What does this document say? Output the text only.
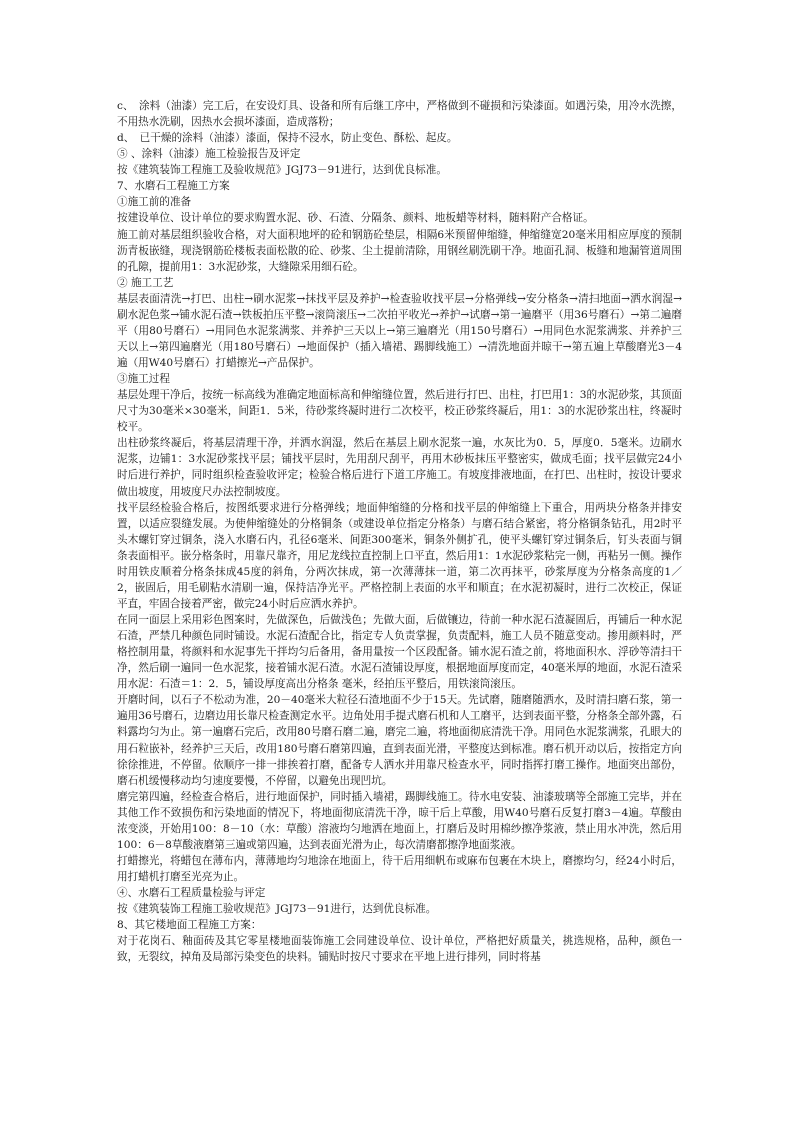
c、　涂料（油漆）完工后，在安设灯具、设备和所有后继工序中，严格做到不碰损和污染漆面。如遇污染，用冷水洗擦，不用热水洗刷，因热水会损坏漆面，造成落粉；

d、　已干燥的涂料（油漆）漆面，保持不浸水，防止变色、酥松、起皮。

⑤ 、涂料（油漆）施工检验报告及评定

按《建筑装饰工程施工及验收规范》JGJ73－91进行，达到优良标准。

7、水磨石工程施工方案

①施工前的准备

按建设单位、设计单位的要求购置水泥、砂、石渣、分隔条、颜料、地板蜡等材料，随料附产合格证。

施工前对基层组织验收合格，对大面积地坪的砼和钢筋砼垫层，相隔6米预留伸缩缝，伸缩缝宽20毫米用相应厚度的预制沥青板嵌缝，现浇钢筋砼楼板表面松散的砼、砂浆、尘土提前清除，用钢丝刷洗刷干净。地面孔洞、板缝和地漏管道周围的孔隙，提前用1：3水泥砂浆，大缝隙采用细石砼。

② 施工工艺

基层表面清洗→打巴、出柱→刷水泥浆→抹找平层及养护→检查验收找平层→分格弹线→安分格条→清扫地面→洒水润湿→刷水泥色浆→铺水泥石渣→铁板拍压平整→滚筒滚压→二次拍平收光→养护→试磨→第一遍磨平（用36号磨石）→第二遍磨平（用80号磨石）→用同色水泥浆满浆、并养护三天以上→第三遍磨光（用150号磨石）→用同色水泥浆满浆、并养护三天以上→第四遍磨光（用180号磨石）→地面保护（插入墙裙、踢脚线施工）→清洗地面并晾干→第五遍上草酸磨光3－4遍（用W40号磨石）打蜡擦光→产品保护。

③施工过程

基层处理干净后，按统一标高线为准确定地面标高和伸缩缝位置，然后进行打巴、出柱，打巴用1：3的水泥砂浆，其顶面尺寸为30毫米×30毫米，间距1．5米，待砂浆终凝时进行二次校平，校正砂浆终凝后，用1：3的水泥砂浆出柱，终凝时校平。

出柱砂浆终凝后，将基层清理干净，并洒水润湿，然后在基层上刷水泥浆一遍，水灰比为0．5，厚度0．5毫米。边刷水泥浆，边铺1：3水泥砂浆找平层；铺找平层时，先用刮尺刮平，再用木砂板抹压平整密实，做成毛面；找平层做完24小时后进行养护，同时组织检查验收评定；检验合格后进行下道工序施工。有坡度排液地面，在打巴、出柱时，按设计要求做出坡度，用坡度尺办法控制坡度。

找平层经检验合格后，按图纸要求进行分格弹线；地面伸缩缝的分格和找平层的伸缩缝上下重合，用两块分格条并排安置，以适应裂缝发展。为使伸缩缝处的分格铜条（或建设单位指定分格条）与磨石结合紧密，将分格铜条钻孔，用2时平头木螺钉穿过铜条，浇入水磨石内，孔径6毫米、间距300毫米，铜条外侧扩孔，使平头螺钉穿过铜条后，钉头表面与铜条表面相平。嵌分格条时，用靠尺靠齐，用尼龙线拉直控制上口平直，然后用1：1水泥砂浆粘完一侧，再粘另一侧。操作时用铁皮顺着分格条抹成45度的斜角，分两次抹成，第一次薄薄抹一道，第二次再抹平，砂浆厚度为分格条高度的1／2，嵌固后，用毛刷粘水清刷一遍，保持洁净光平。严格控制上表面的水平和顺直；在水泥初凝时，进行二次校正，保证平直，牢固合接着严密，做完24小时后应洒水养护。

在同一面层上采用彩色图案时，先做深色，后做浅色；先做大面，后做镶边，待前一种水泥石渣凝固后，再铺后一种水泥石渣，严禁几种颜色同时铺设。水泥石渣配合比，指定专人负责掌握，负责配料，施工人员不随意变动。掺用颜料时，严格控制用量，将颜料和水泥事先干拌均匀后备用，备用量按一个区段配备。铺水泥石渣之前，将地面积水、浮砂等清扫干净，然后刷一遍同一色水泥浆，接着铺水泥石渣。水泥石渣铺设厚度，根据地面厚度而定，40毫米厚的地面，水泥石渣采用水泥：石渣＝1：2．5，铺设厚度高出分格条 毫米，经拍压平整后，用铁滚筒滚压。

开磨时间，以石子不松动为准，20－40毫米大粒径石渣地面不少于15天。先试磨，随磨随洒水，及时清扫磨石浆，第一遍用36号磨石，边磨边用长靠尺检查测定水平。边角处用手提式磨石机和人工磨平，达到表面平整，分格条全部外露，石料露均匀为止。第一遍磨石完后，改用80号磨石磨二遍，磨完二遍，将地面彻底清洗干净。用同色水泥浆满浆，孔眼大的用石粒嵌补，经养护三天后，改用180号磨石磨第四遍，直到表面光滑，平整度达到标准。磨石机开动以后，按指定方向徐徐推进，不停留。依顺序一排一排挨着打磨，配备专人洒水并用靠尺检查水平，同时指挥打磨工操作。地面突出部份，磨石机缓慢移动均匀速度要慢，不停留，以避免出现凹坑。

磨完第四遍，经检查合格后，进行地面保护，同时插入墙裙，踢脚线施工。待水电安装、油漆玻璃等全部施工完毕，并在其他工作不致损伤和污染地面的情况下，将地面彻底清洗干净，晾干后上草酸，用W40号磨石反复打磨3－4遍。草酸由浓变淡，开始用100：8－10（水：草酸）溶液均匀地洒在地面上，打磨后及时用棉纱擦净浆液，禁止用水冲洗，然后用100：6－8草酸液磨第三遍或第四遍，达到表面光滑为止，每次清磨都擦净地面浆液。

打蜡擦光，将蜡包在薄布内，薄薄地均匀地涂在地面上，待干后用细帆布或麻布包裹在木块上，磨擦均匀，经24小时后，用打蜡机打磨至光亮为止。

④、水磨石工程质量检验与评定

按《建筑装饰工程施工验收规范》JGJ73－91进行，达到优良标准。

8、其它楼地面工程施工方案：

对于花岗石、釉面砖及其它零星楼地面装饰施工会同建设单位、设计单位，严格把好质量关，挑选规格，品种，颜色一致，无裂纹，掉角及局部污染变色的块料。铺贴时按尺寸要求在平地上进行排列，同时将基
